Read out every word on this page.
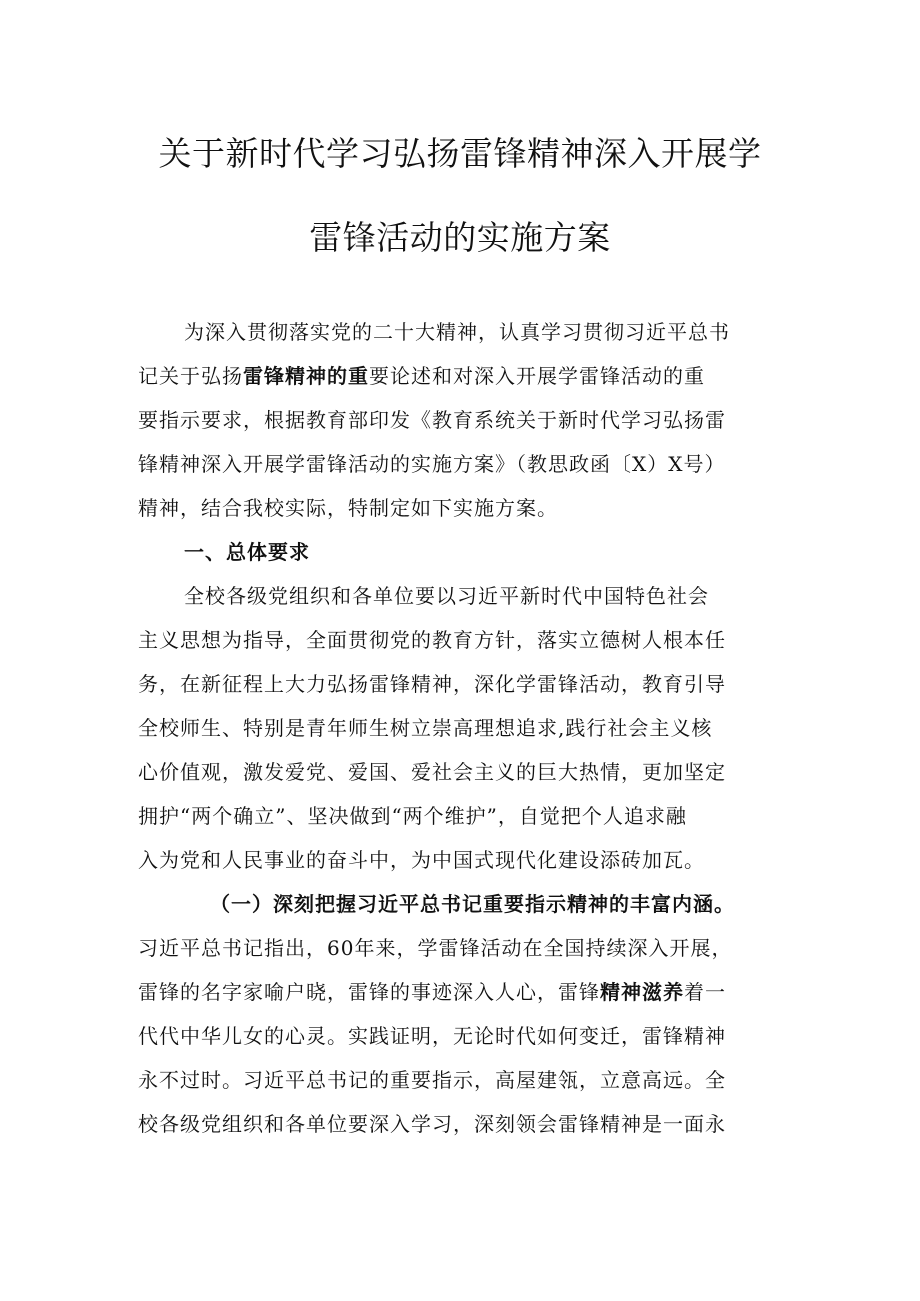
关于新时代学习弘扬雷锋精神深入开展学
雷锋活动的实施方案
为深入贯彻落实党的二十大精神，认真学习贯彻习近平总书
记关于弘扬雷锋精神的重要论述和对深入开展学雷锋活动的重
要指示要求，根据教育部印发《教育系统关于新时代学习弘扬雷
锋精神深入开展学雷锋活动的实施方案》（教思政函〔X）X号）
精神，结合我校实际，特制定如下实施方案。
一、总体要求
全校各级党组织和各单位要以习近平新时代中国特色社会
主义思想为指导，全面贯彻党的教育方针，落实立德树人根本任
务，在新征程上大力弘扬雷锋精神，深化学雷锋活动，教育引导
全校师生、特别是青年师生树立崇高理想追求,践行社会主义核
心价值观，激发爱党、爱国、爱社会主义的巨大热情，更加坚定
拥护“两个确立”、坚决做到“两个维护”，自觉把个人追求融
入为党和人民事业的奋斗中，为中国式现代化建设添砖加瓦。
（一）深刻把握习近平总书记重要指示精神的丰富内涵。
习近平总书记指出，60年来，学雷锋活动在全国持续深入开展，
雷锋的名字家喻户晓，雷锋的事迹深入人心，雷锋精神滋养着一
代代中华儿女的心灵。实践证明，无论时代如何变迁，雷锋精神
永不过时。习近平总书记的重要指示，高屋建瓴，立意高远。全
校各级党组织和各单位要深入学习，深刻领会雷锋精神是一面永
